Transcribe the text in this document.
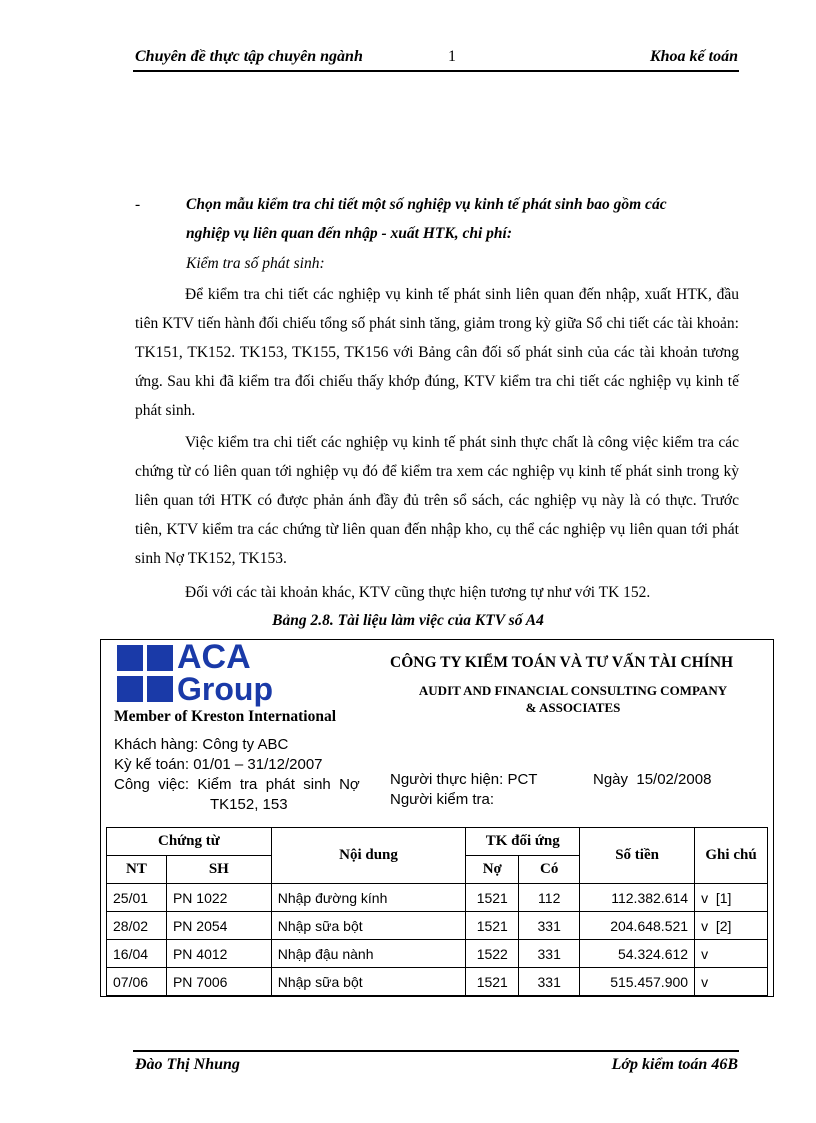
Chuyên đề thực tập chuyên ngành	1	Khoa kế toán
-	Chọn mẫu kiểm tra chi tiết một số nghiệp vụ kinh tế phát sinh bao gồm các
nghiệp vụ liên quan đến nhập - xuất HTK, chi phí:
Kiểm tra số phát sinh:
Để kiểm tra chi tiết các nghiệp vụ kinh tế phát sinh liên quan đến nhập, xuất HTK, đầu tiên KTV tiến hành đối chiếu tổng số phát sinh tăng, giảm trong kỳ giữa Sổ chi tiết các tài khoản: TK151, TK152. TK153, TK155, TK156 với Bảng cân đối số phát sinh của các tài khoản tương ứng. Sau khi đã kiểm tra đối chiếu thấy khớp đúng, KTV kiểm tra chi tiết các nghiệp vụ kinh tế phát sinh.
Việc kiểm tra chi tiết các nghiệp vụ kinh tế phát sinh thực chất là công việc kiểm tra các chứng từ có liên quan tới nghiệp vụ đó để kiểm tra xem các nghiệp vụ kinh tế phát sinh trong kỳ liên quan tới HTK có được phản ánh đầy đủ trên sổ sách, các nghiệp vụ này là có thực. Trước tiên, KTV kiểm tra các chứng từ liên quan đến nhập kho, cụ thể các nghiệp vụ liên quan tới phát sinh Nợ TK152, TK153.
Đối với các tài khoản khác, KTV cũng thực hiện tương tự như với TK 152.
Bảng 2.8. Tài liệu làm việc của KTV số A4
ACA
Group
Member of Kreston International
CÔNG TY KIỂM TOÁN VÀ TƯ VẤN TÀI CHÍNH
AUDIT AND FINANCIAL CONSULTING COMPANY
& ASSOCIATES
Khách hàng: Công ty ABC
Kỳ kế toán: 01/01 – 31/12/2007
Công  việc:  Kiểm  tra  phát  sinh  Nợ
TK152, 153
Người thực hiện: PCT	Ngày  15/02/2008
Người kiểm tra:
Chứng từ		Nội dung	TK đối ứng		Số tiền	Ghi chú
NT	SH		Nợ	Có		
25/01	PN 1022	Nhập đường kính	1521	112	112.382.614	v  [1]
28/02	PN 2054	Nhập sữa bột	1521	331	204.648.521	v  [2]
16/04	PN 4012	Nhập đậu nành	1522	331	54.324.612	v
07/06	PN 7006	Nhập sữa bột	1521	331	515.457.900	v
Đào Thị Nhung	Lớp kiểm toán 46B
